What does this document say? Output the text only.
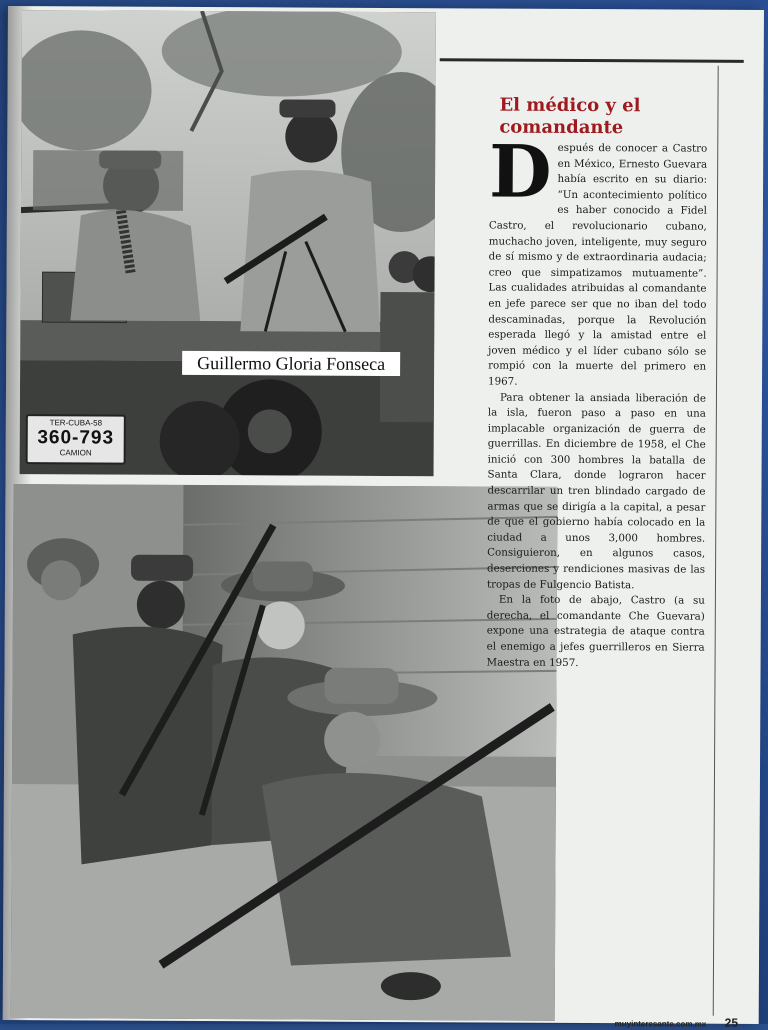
Guillermo Gloria Fonseca
TER-CUBA-58
360-793
CAMION
El médico y el comandante

Después de conocer a Castro en México, Ernesto Guevara había escrito en su diario: “Un acontecimiento político es haber conocido a Fidel Castro, el revolucionario cubano, muchacho joven, inteligente, muy seguro de sí mismo y de extraordinaria audacia; creo que simpatizamos mutuamente”. Las cualidades atribuidas al comandante en jefe parece ser que no iban del todo descaminadas, porque la Revolución esperada llegó y la amistad entre el joven médico y el líder cubano sólo se rompió con la muerte del primero en 1967.

Para obtener la ansiada liberación de la isla, fueron paso a paso en una implacable organización de guerra de guerrillas. En diciembre de 1958, el Che inició con 300 hombres la batalla de Santa Clara, donde lograron hacer descarrilar un tren blindado cargado de armas que se dirigía a la capital, a pesar de que el gobierno había colocado en la ciudad a unos 3,000 hombres. Consiguieron, en algunos casos, deserciones y rendiciones masivas de las tropas de Fulgencio Batista.

En la foto de abajo, Castro (a su derecha, el comandante Che Guevara) expone una estrategia de ataque contra el enemigo a jefes guerrilleros en Sierra Maestra en 1957.

muyinteresante.com.mx 25
